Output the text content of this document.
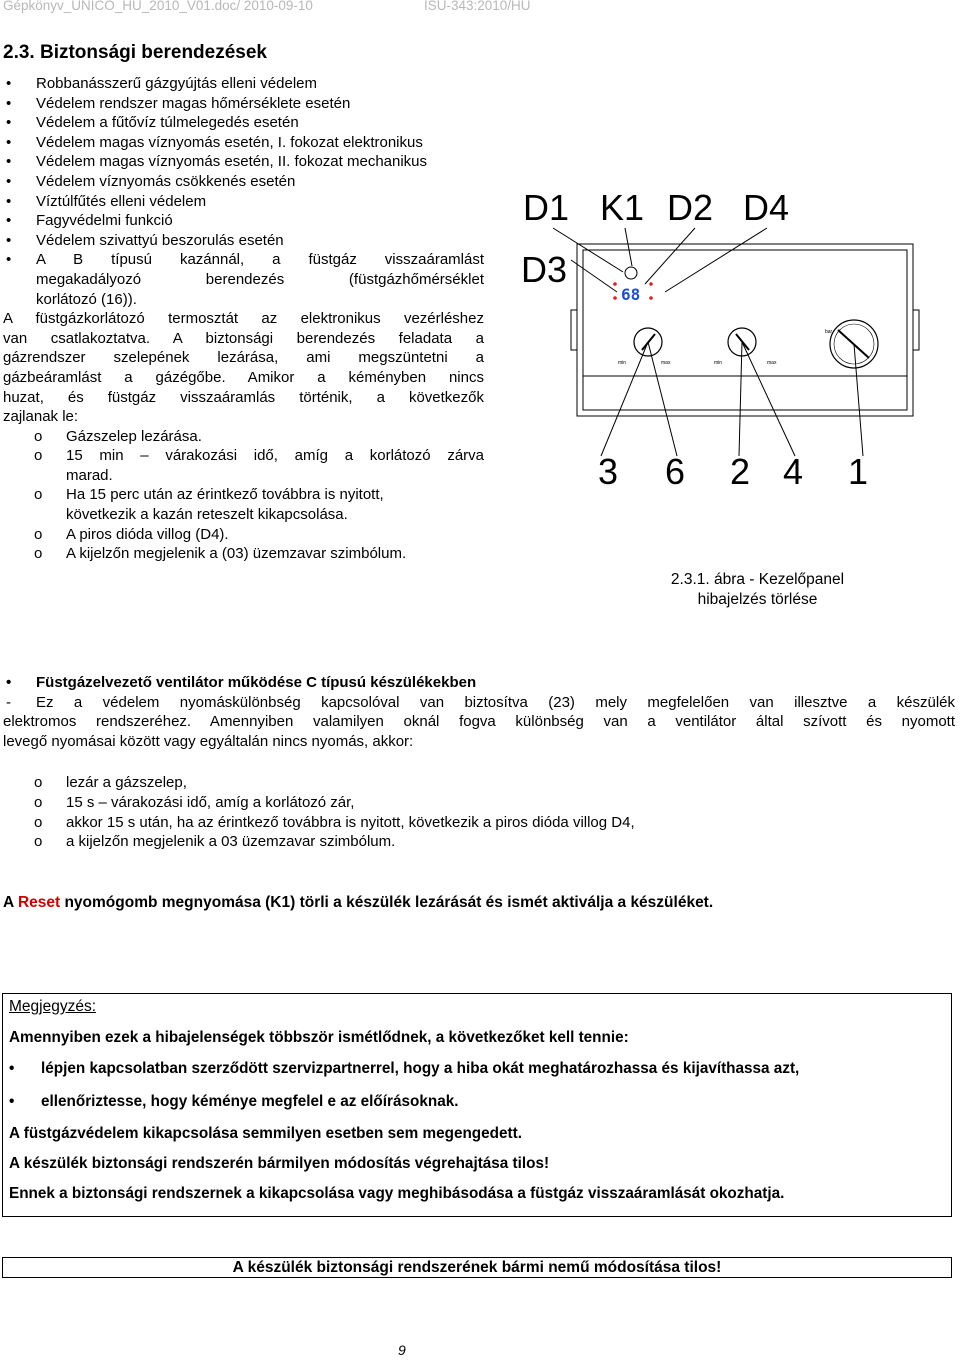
Gépkönyv_UNICO_HU_2010_V01.doc/ 2010-09-10	ISU-343:2010/HU
2.3. Biztonsági berendezések
• Robbanásszerű gázgyújtás elleni védelem
• Védelem rendszer magas hőmérséklete esetén
• Védelem a fűtővíz túlmelegedés esetén
• Védelem magas víznyomás esetén, I. fokozat elektronikus
• Védelem magas víznyomás esetén, II. fokozat mechanikus
• Védelem víznyomás csökkenés esetén
• Víztúlfűtés elleni védelem
• Fagyvédelmi funkció
• Védelem szivattyú beszorulás esetén
• A B típusú kazánnál, a füstgáz visszaáramlást
megakadályozó berendezés (füstgázhőmérséklet
korlátozó (16)).
A füstgázkorlátozó termosztát az elektronikus vezérléshez
van csatlakoztatva. A biztonsági berendezés feladata a
gázrendszer szelepének lezárása, ami megszüntetni a
gázbeáramlást a gázégőbe. Amikor a kéményben nincs
huzat, és füstgáz visszaáramlás történik, a következők
zajlanak le:
o Gázszelep lezárása.
o 15 min – várakozási idő, amíg a korlátozó zárva
marad.
o Ha 15 perc után az érintkező továbbra is nyitott,
következik a kazán reteszelt kikapcsolása.
o A piros dióda villog (D4).
o A kijelzőn megjelenik a (03) üzemzavar szimbólum.
D1 K1 D2 D4
D3
68
bar
min	max	min	max
3 6 2 4 1
2.3.1. ábra - Kezelőpanel
hibajelzés törlése
• Füstgázelvezető ventilátor működése C típusú készülékekben
- Ez a védelem nyomáskülönbség kapcsolóval van biztosítva (23) mely megfelelően van illesztve a készülék
elektromos rendszeréhez. Amennyiben valamilyen oknál fogva különbség van a ventilátor által szívott és nyomott
levegő nyomásai között vagy egyáltalán nincs nyomás, akkor:
o lezár a gázszelep,
o 15 s – várakozási idő, amíg a korlátozó zár,
o akkor 15 s után, ha az érintkező továbbra is nyitott, következik a piros dióda villog D4,
o a kijelzőn megjelenik a 03 üzemzavar szimbólum.
A Reset nyomógomb megnyomása (K1) törli a készülék lezárását és ismét aktiválja a készüléket.
Megjegyzés:
Amennyiben ezek a hibajelenségek többször ismétlődnek, a következőket kell tennie:
• lépjen kapcsolatban szerződött szervizpartnerrel, hogy a hiba okát meghatározhassa és kijavíthassa azt,
• ellenőriztesse, hogy kéménye megfelel e az előírásoknak.
A füstgázvédelem kikapcsolása semmilyen esetben sem megengedett.
A készülék biztonsági rendszerén bármilyen módosítás végrehajtása tilos!
Ennek a biztonsági rendszernek a kikapcsolása vagy meghibásodása a füstgáz visszaáramlását okozhatja.
A készülék biztonsági rendszerének bármi nemű módosítása tilos!
9
